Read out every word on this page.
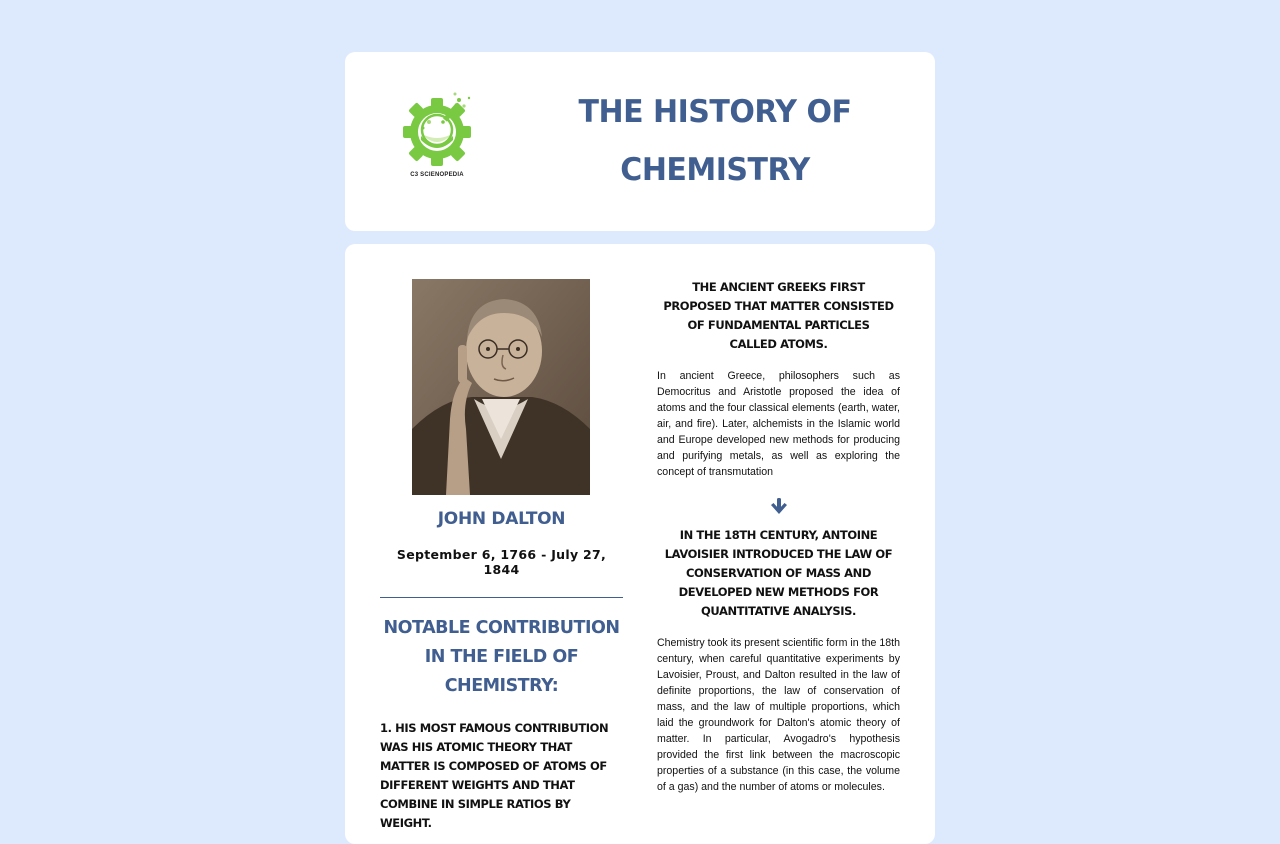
C3 SCIENOPEDIA
THE HISTORY OF CHEMISTRY
JOHN DALTON
September 6, 1766 - July 27, 1844
NOTABLE CONTRIBUTION IN THE FIELD OF CHEMISTRY:
1. HIS MOST FAMOUS CONTRIBUTION WAS HIS ATOMIC THEORY THAT MATTER IS COMPOSED OF ATOMS OF DIFFERENT WEIGHTS AND THAT COMBINE IN SIMPLE RATIOS BY WEIGHT.
THE ANCIENT GREEKS FIRST PROPOSED THAT MATTER CONSISTED OF FUNDAMENTAL PARTICLES CALLED ATOMS.
In ancient Greece, philosophers such as Democritus and Aristotle proposed the idea of atoms and the four classical elements (earth, water, air, and fire). Later, alchemists in the Islamic world and Europe developed new methods for producing and purifying metals, as well as exploring the concept of transmutation
IN THE 18TH CENTURY, ANTOINE LAVOISIER INTRODUCED THE LAW OF CONSERVATION OF MASS AND DEVELOPED NEW METHODS FOR QUANTITATIVE ANALYSIS.
Chemistry took its present scientific form in the 18th century, when careful quantitative experiments by Lavoisier, Proust, and Dalton resulted in the law of definite proportions, the law of conservation of mass, and the law of multiple proportions, which laid the groundwork for Dalton's atomic theory of matter. In particular, Avogadro's hypothesis provided the first link between the macroscopic properties of a substance (in this case, the volume of a gas) and the number of atoms or molecules.
